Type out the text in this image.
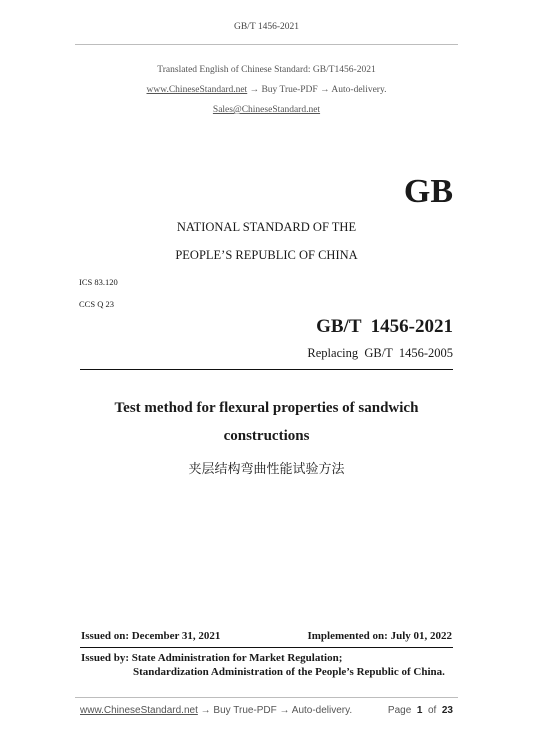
GB/T 1456-2021
Translated English of Chinese Standard: GB/T1456-2021
www.ChineseStandard.net → Buy True-PDF → Auto-delivery.
Sales@ChineseStandard.net
GB
NATIONAL STANDARD OF THE
PEOPLE’S REPUBLIC OF CHINA
ICS 83.120
CCS Q 23
GB/T  1456-2021
Replacing  GB/T  1456-2005
Test method for flexural properties of sandwich
constructions
夹层结构弯曲性能试验方法
Issued on: December 31, 2021	Implemented on: July 01, 2022
Issued by: State Administration for Market Regulation;
Standardization Administration of the People’s Republic of China.
www.ChineseStandard.net → Buy True-PDF → Auto-delivery.	Page 1 of 23
